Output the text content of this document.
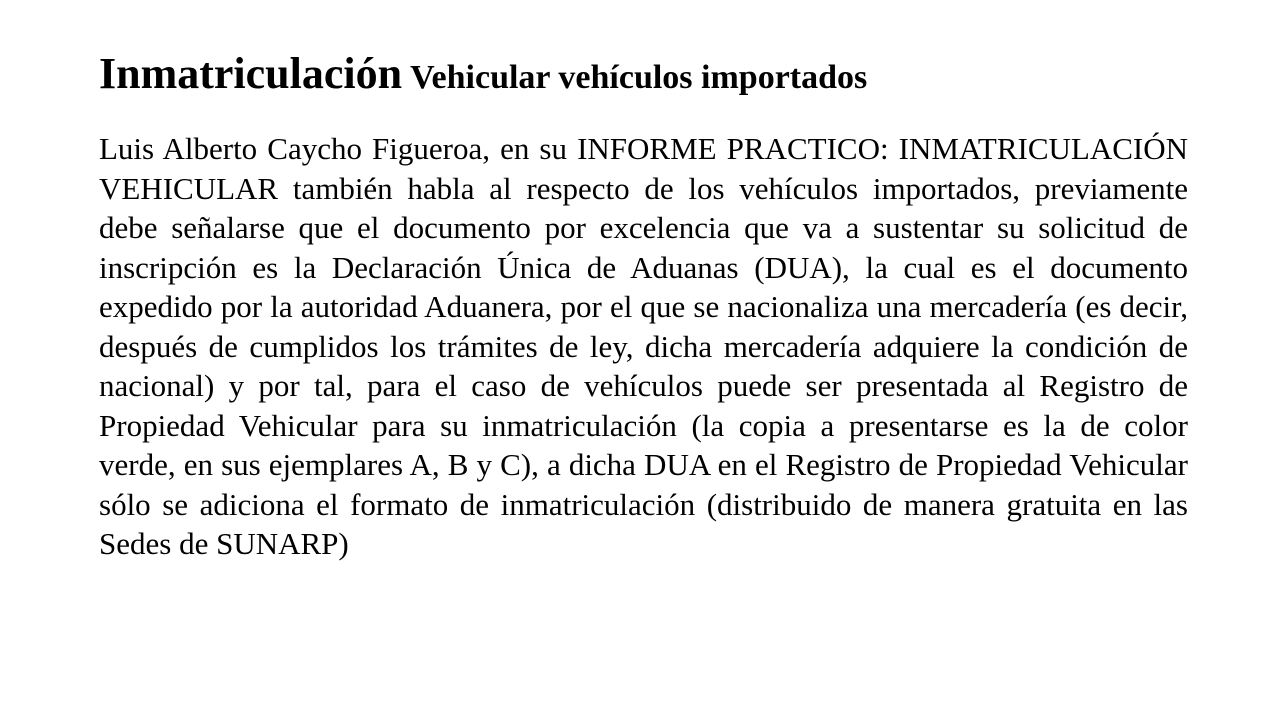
Inmatriculación Vehicular vehículos importados

Luis Alberto Caycho Figueroa, en su INFORME PRACTICO: INMATRICULACIÓN VEHICULAR también habla al respecto de los vehículos importados, previamente debe señalarse que el documento por excelencia que va a sustentar su solicitud de inscripción es la Declaración Única de Aduanas (DUA), la cual es el documento expedido por la autoridad Aduanera, por el que se nacionaliza una mercadería (es decir, después de cumplidos los trámites de ley, dicha mercadería adquiere la condición de nacional) y por tal, para el caso de vehículos puede ser presentada al Registro de Propiedad Vehicular para su inmatriculación (la copia a presentarse es la de color verde, en sus ejemplares A, B y C), a dicha DUA en el Registro de Propiedad Vehicular sólo se adiciona el formato de inmatriculación (distribuido de manera gratuita en las Sedes de SUNARP)
